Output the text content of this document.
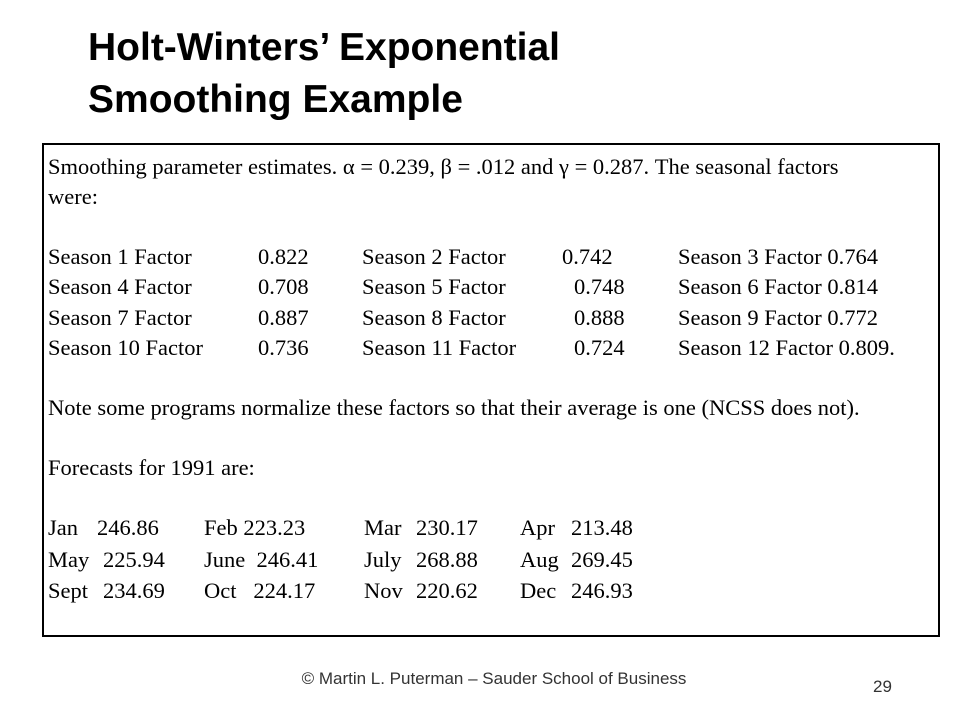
Holt-Winters’ Exponential
Smoothing Example
Smoothing parameter estimates. α = 0.239, β = .012 and γ = 0.287. The seasonal factors
were:
Season 1 Factor	0.822 Season 2 Factor	0.742	Season 3 Factor 0.764
Season 4 Factor	0.708 Season 5 Factor	0.748 Season 6 Factor 0.814
Season 7 Factor	0.887 Season 8 Factor	0.888 Season 9 Factor 0.772
Season 10 Factor 0.736 Season 11 Factor	0.724 Season 12 Factor 0.809.
Note some programs normalize these factors so that their average is one (NCSS does not).
Forecasts for 1991 are:
Jan 246.86 Feb 223.23	Mar 230.17 Apr 213.48
May 225.94 June  246.41 July 268.88 Aug 269.45
Sept 234.69 Oct   224.17 Nov 220.62 Dec 246.93
© Martin L. Puterman – Sauder School of Business	29
